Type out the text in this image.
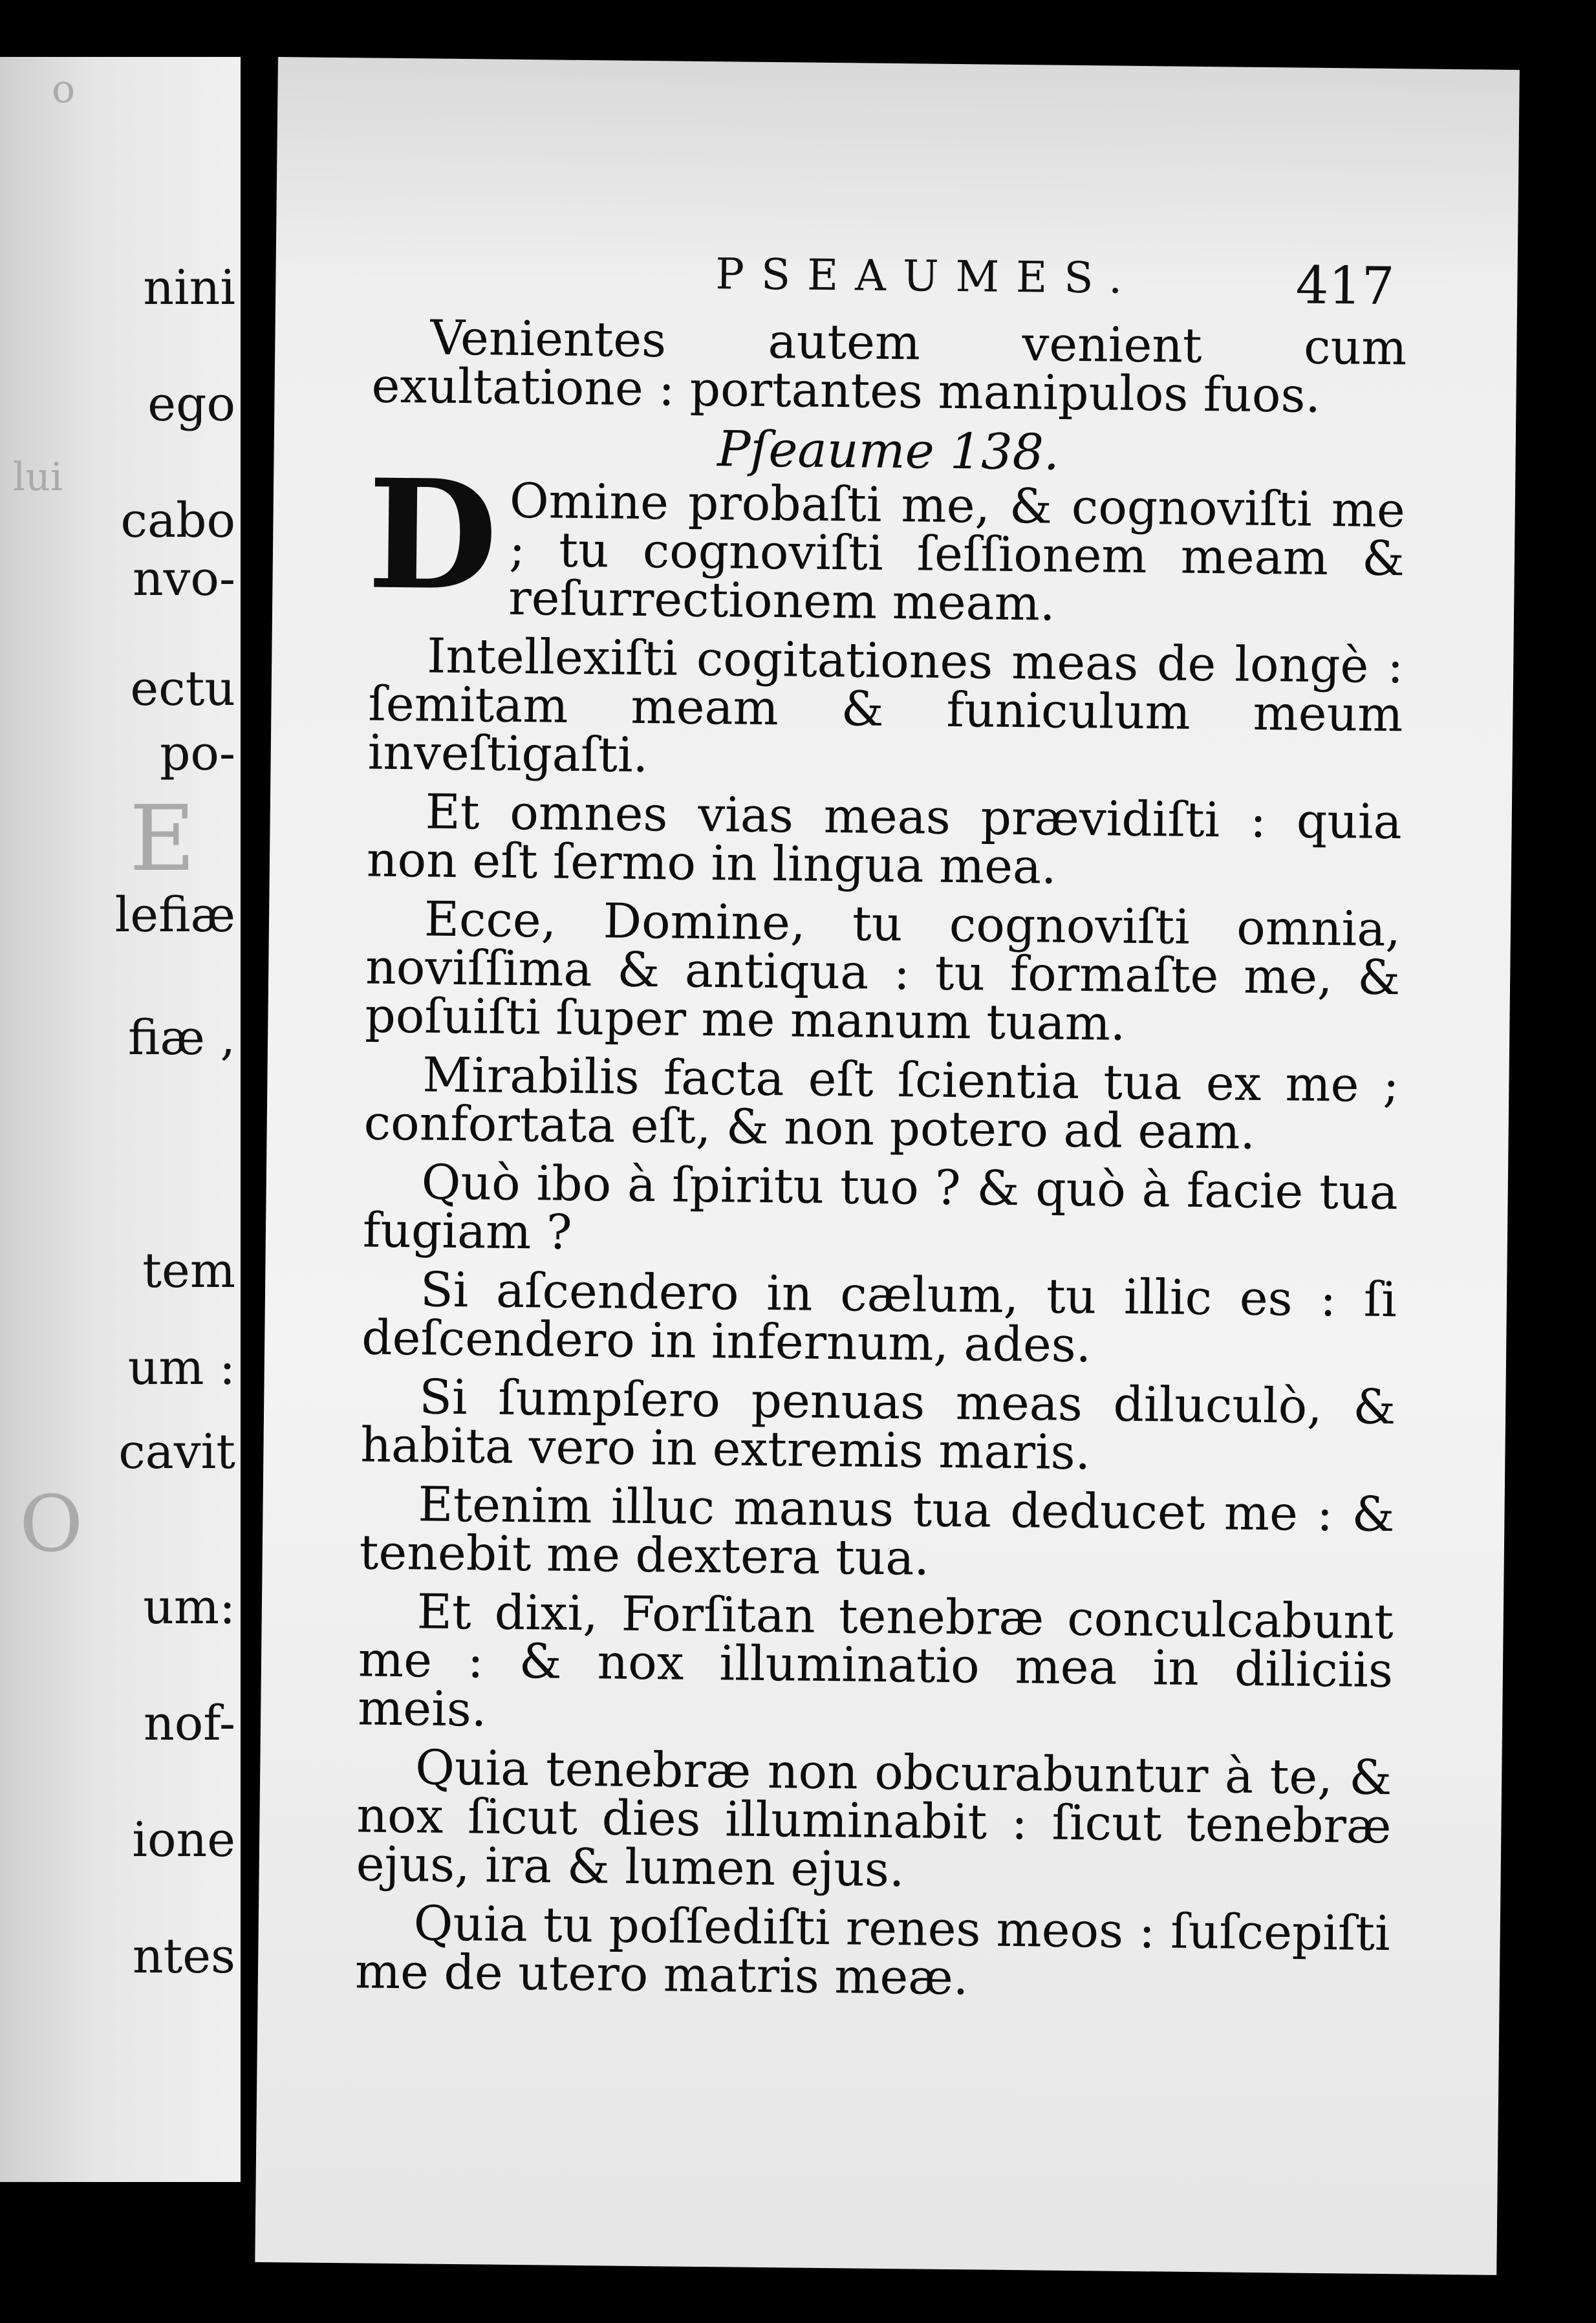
o
nini
ego
lui
cabo
nvo-
ectu
po-
E
lefiæ
fiæ ,
tem
um :
cavit
O
um:
nof-
ione
ntes
PSEAUMES.	417

Venientes autem venient cum exultatione : portantes manipulos fuos.

Pſeaume 138.

D Omine probaſti me, & cognoviſti me ; tu cognoviſti ſeſſionem meam & reſurrectionem meam.

Intellexiſti cogitationes meas de longè : ſemitam meam & funiculum meum inveſtigaſti.

Et omnes vias meas prævidiſti : quia non eſt ſermo in lingua mea.

Ecce, Domine, tu cognoviſti omnia, noviſſima & antiqua : tu formaſte me, & poſuiſti ſuper me manum tuam.

Mirabilis facta eſt ſcientia tua ex me ; confortata eſt, & non potero ad eam.

Quò ibo à ſpiritu tuo ? & quò à facie tua fugiam ?

Si aſcendero in cælum, tu illic es : ſi deſcendero in infernum, ades.

Si ſumpſero penuas meas diluculò, & habita vero in extremis maris.

Etenim illuc manus tua deducet me : & tenebit me dextera tua.

Et dixi, Forſitan tenebræ conculcabunt me : & nox illuminatio mea in diliciis meis.

Quia tenebræ non obcurabuntur à te, & nox ſicut dies illuminabit : ſicut tenebræ ejus, ira & lumen ejus.

Quia tu poſſediſti renes meos : ſuſcepiſti me de utero matris meæ.
